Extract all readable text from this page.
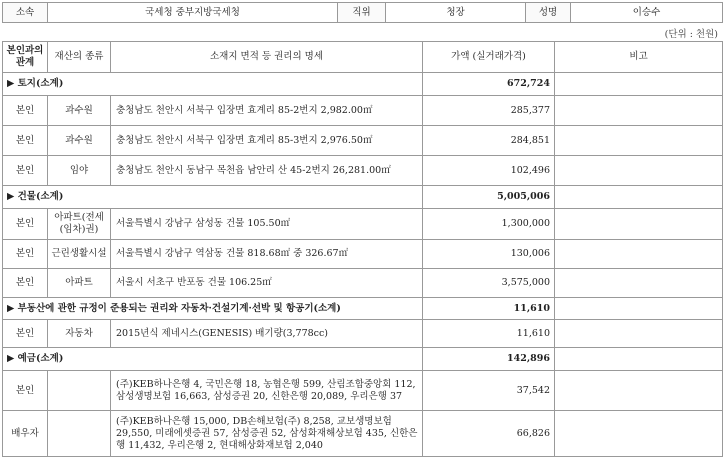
소속	국세청 중부지방국세청	직위	청장	성명	이승수
(단위 : 천원)
본인과의 관계	재산의 종류	소재지 면적 등 권리의 명세	가액 (실거래가격)	비고
▶ 토지(소계)			672,724	
본인	과수원	충청남도 천안시 서북구 입장면 효계리 85-2번지 2,982.00㎡	285,377	
본인	과수원	충청남도 천안시 서북구 입장면 효계리 85-3번지 2,976.50㎡	284,851	
본인	임야	충청남도 천안시 동남구 목천읍 남안리 산 45-2번지 26,281.00㎡	102,496	
▶ 건물(소계)			5,005,006	
본인	아파트(전세(임차)권)	서울특별시 강남구 삼성동 건물 105.50㎡	1,300,000	
본인	근린생활시설	서울특별시 강남구 역삼동 건물 818.68㎡ 중 326.67㎡	130,006	
본인	아파트	서울시 서초구 반포동 건물 106.25㎡	3,575,000	
▶ 부동산에 관한 규정이 준용되는 권리와 자동차·건설기계·선박 및 항공기(소계)			11,610	
본인	자동차	2015년식 제네시스(GENESIS) 배기량(3,778cc)	11,610	
▶ 예금(소계)			142,896	
본인		(주)KEB하나은행 4, 국민은행 18, 농협은행 599, 산림조합중앙회 112, 삼성생명보험 16,663, 삼성증권 20, 신한은행 20,089, 우리은행 37	37,542	
배우자		(주)KEB하나은행 15,000, DB손해보험(주) 8,258, 교보생명보험 29,550, 미래에셋증권 57, 삼성증권 52, 삼성화재해상보험 435, 신한은행 11,432, 우리은행 2, 현대해상화재보험 2,040	66,826	
